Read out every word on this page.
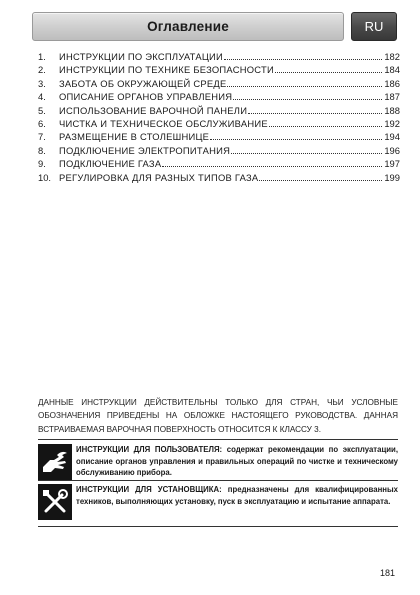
Оглавление	RU
1.	ИНСТРУКЦИИ ПО ЭКСПЛУАТАЦИИ	182
2.	ИНСТРУКЦИИ ПО ТЕХНИКЕ БЕЗОПАСНОСТИ	184
3.	ЗАБОТА ОБ ОКРУЖАЮЩЕЙ СРЕДЕ	186
4.	ОПИСАНИЕ ОРГАНОВ УПРАВЛЕНИЯ	187
5.	ИСПОЛЬЗОВАНИЕ ВАРОЧНОЙ ПАНЕЛИ	188
6.	ЧИСТКА И ТЕХНИЧЕСКОЕ ОБСЛУЖИВАНИЕ	192
7.	РАЗМЕЩЕНИЕ В СТОЛЕШНИЦЕ	194
8.	ПОДКЛЮЧЕНИЕ ЭЛЕКТРОПИТАНИЯ	196
9.	ПОДКЛЮЧЕНИЕ ГАЗА	197
10. РЕГУЛИРОВКА ДЛЯ РАЗНЫХ ТИПОВ ГАЗА	199

ДАННЫЕ ИНСТРУКЦИИ ДЕЙСТВИТЕЛЬНЫ ТОЛЬКО ДЛЯ СТРАН, ЧЬИ УСЛОВНЫЕ ОБОЗНАЧЕНИЯ ПРИВЕДЕНЫ НА ОБЛОЖКЕ НАСТОЯЩЕГО РУКОВОДСТВА. ДАННАЯ ВСТРАИВАЕМАЯ ВАРОЧНАЯ ПОВЕРХНОСТЬ ОТНОСИТСЯ К КЛАССУ 3.

ИНСТРУКЦИИ ДЛЯ ПОЛЬЗОВАТЕЛЯ: содержат рекомендации по эксплуатации, описание органов управления и правильных операций по чистке и техническому обслуживанию прибора.
ИНСТРУКЦИИ ДЛЯ УСТАНОВЩИКА: предназначены для квалифицированных техников, выполняющих установку, пуск в эксплуатацию и испытание аппарата.
181
